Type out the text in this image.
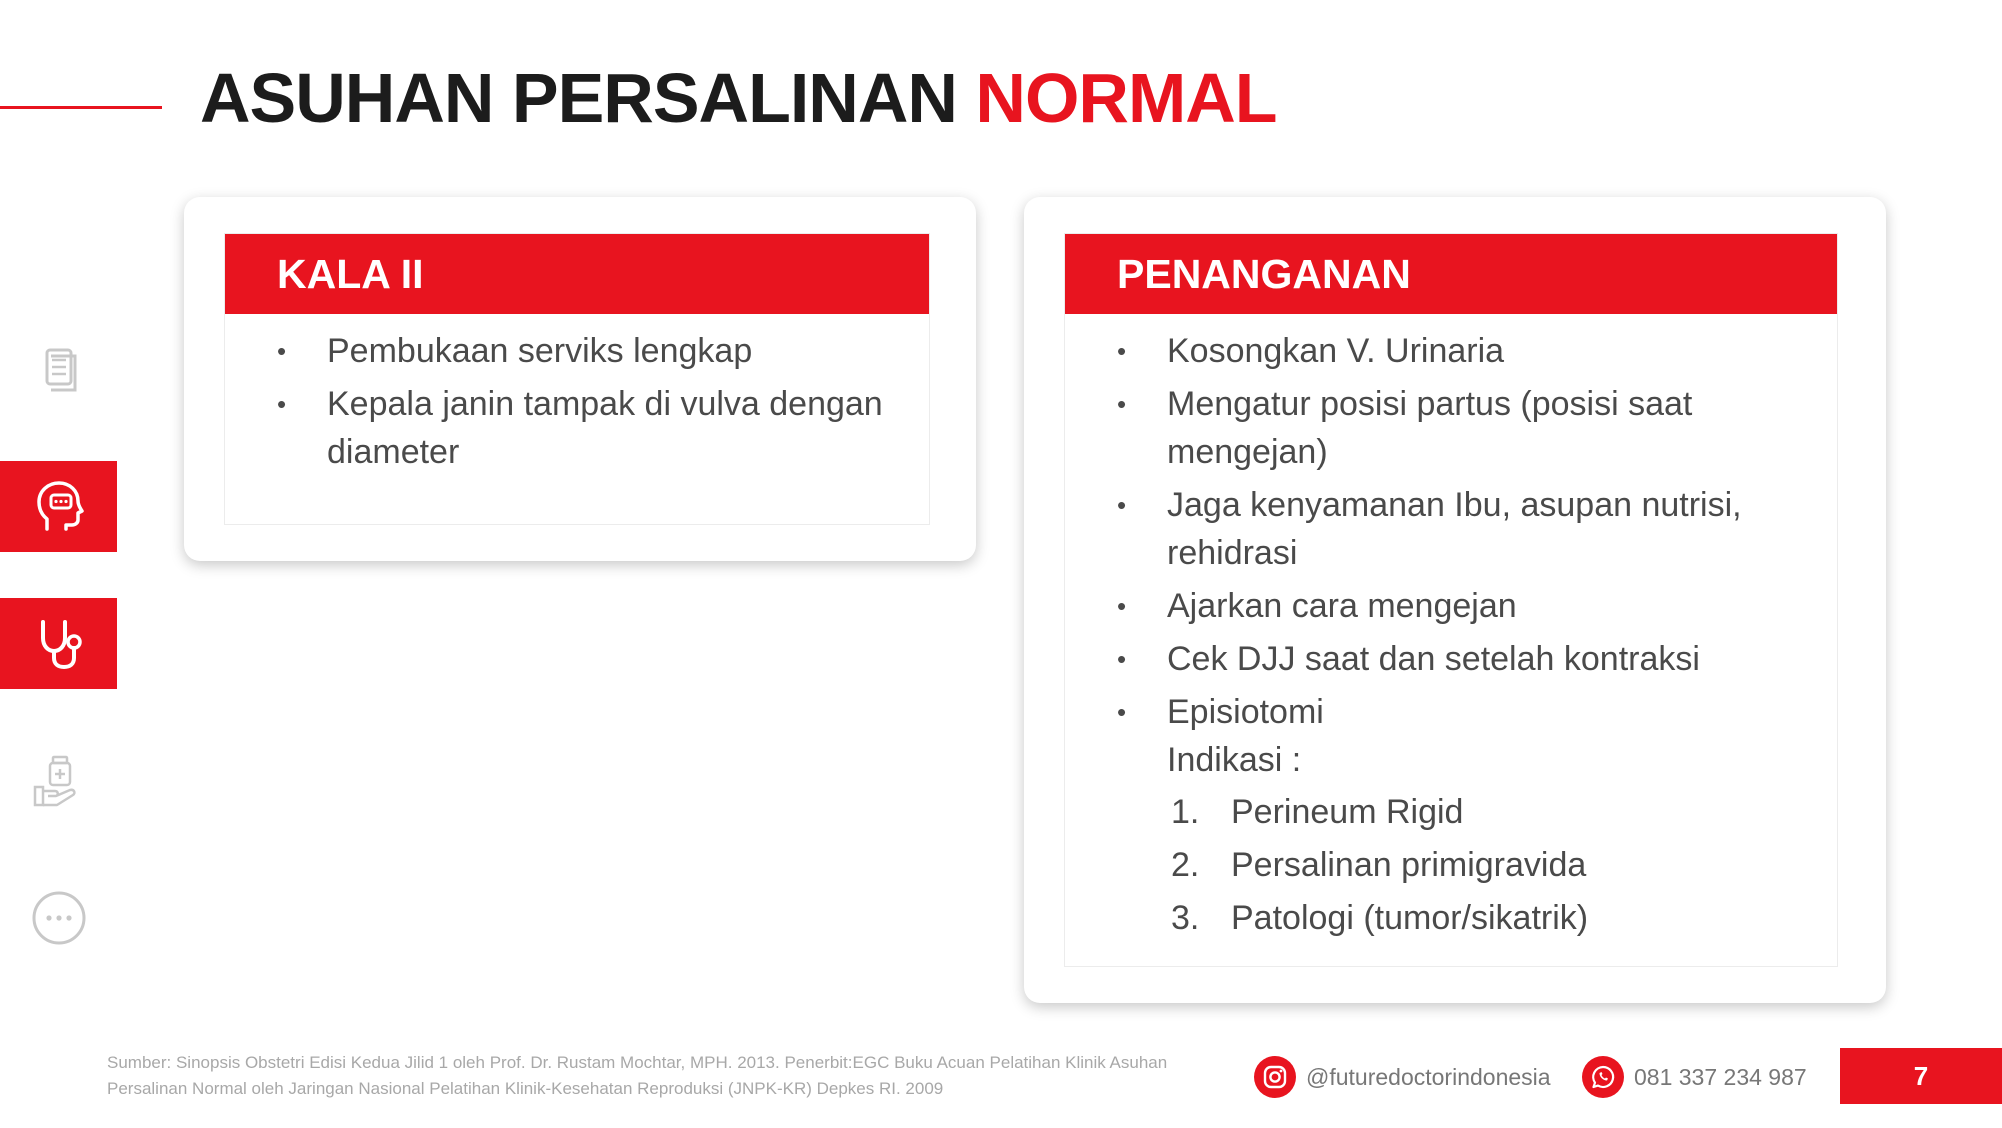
ASUHAN PERSALINAN NORMAL
KALA II
• Pembukaan serviks lengkap
• Kepala janin tampak di vulva dengan diameter
PENANGANAN
• Kosongkan V. Urinaria
• Mengatur posisi partus (posisi saat mengejan)
• Jaga kenyamanan Ibu, asupan nutrisi, rehidrasi
• Ajarkan cara mengejan
• Cek DJJ saat dan setelah kontraksi
• Episiotomi
Indikasi :
1. Perineum Rigid
2. Persalinan primigravida
3. Patologi (tumor/sikatrik)
Sumber: Sinopsis Obstetri Edisi Kedua Jilid 1 oleh Prof. Dr. Rustam Mochtar, MPH. 2013. Penerbit:EGC Buku Acuan Pelatihan Klinik Asuhan Persalinan Normal oleh Jaringan Nasional Pelatihan Klinik-Kesehatan Reproduksi (JNPK-KR) Depkes RI. 2009	@futuredoctorindonesia	081 337 234 987	7
